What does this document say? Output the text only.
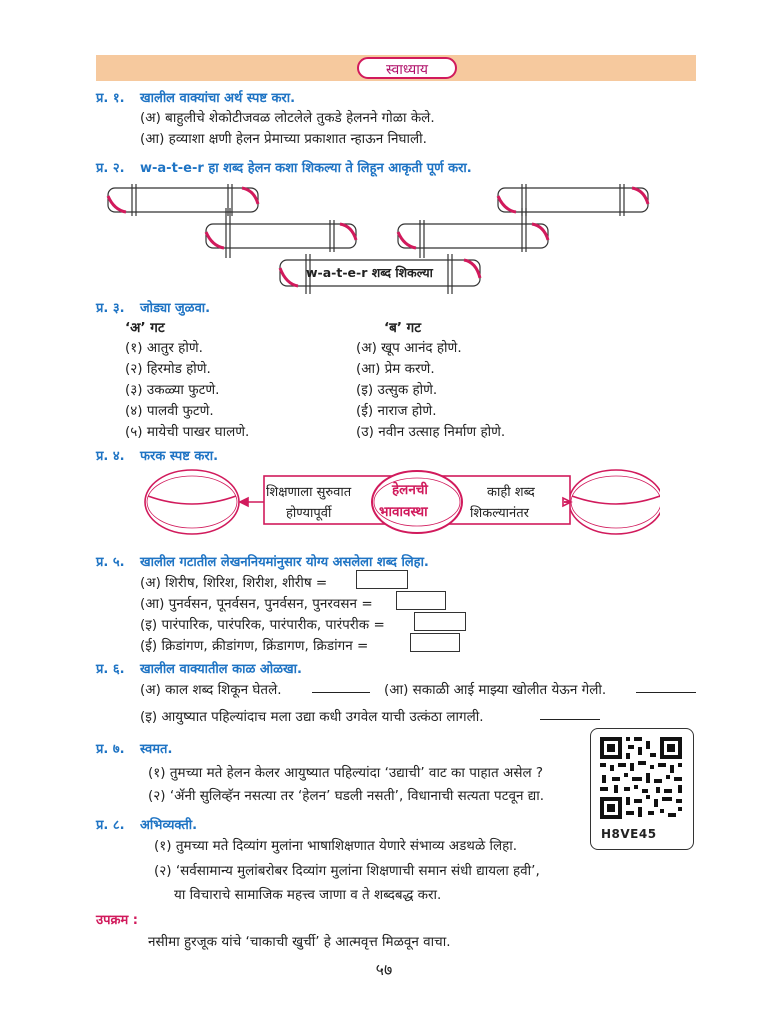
स्वाध्याय
प्र. १. खालील वाक्यांचा अर्थ स्पष्ट करा.
(अ) बाहुलीचे शेकोटीजवळ लोटलेले तुकडे हेलनने गोळा केले.
(आ) हव्याशा क्षणी हेलन प्रेमाच्या प्रकाशात न्हाऊन निघाली.
प्र. २. w-a-t-e-r हा शब्द हेलन कशा शिकल्या ते लिहून आकृती पूर्ण करा.
w-a-t-e-r शब्द शिकल्या
प्र. ३. जोड्या जुळवा.
‘अ’ गट	‘ब’ गट
(१) आतुर होणे.
(२) हिरमोड होणे.
(३) उकळ्या फुटणे.
(४) पालवी फुटणे.
(५) मायेची पाखर घालणे.
(अ) खूप आनंद होणे.
(आ) प्रेम करणे.
(इ) उत्सुक होणे.
(ई) नाराज होणे.
(उ) नवीन उत्साह निर्माण होणे.
प्र. ४. फरक स्पष्ट करा.
शिक्षणाला सुरुवात
होण्यापूर्वी
हेलनची
भावावस्था
काही शब्द
शिकल्यानंतर
प्र. ५. खालील गटातील लेखननियमांनुसार योग्य असलेला शब्द लिहा.
(अ) शिरीष, शिरिश, शिरीश, शीरीष =
(आ) पुनर्वसन, पूनर्वसन, पुनर्वसन, पुनरवसन =
(इ) पारंपारिक, पारंपरिक, पारंपारीक, पारंपरीक =
(ई) क्रिडांगण, क्रीडांगण, क्रिंडागण, क्रिडांगन =
प्र. ६. खालील वाक्यातील काळ ओळखा.
(अ) काल शब्द शिकून घेतले.	(आ) सकाळी आई माझ्या खोलीत येऊन गेली.
(इ) आयुष्यात पहिल्यांदाच मला उद्या कधी उगवेल याची उत्कंठा लागली.
प्र. ७. स्वमत.
(१) तुमच्या मते हेलन केलर आयुष्यात पहिल्यांदा ‘उद्याची’ वाट का पाहात असेल ?
(२) ‘ॲनी सुलिव्हॅन नसत्या तर ‘हेलन’ घडली नसती’, विधानाची सत्यता पटवून द्या.
H8VE45
प्र. ८. अभिव्यक्ती.
(१) तुमच्या मते दिव्यांग मुलांना भाषाशिक्षणात येणारे संभाव्य अडथळे लिहा.
(२) ‘सर्वसामान्य मुलांबरोबर दिव्यांग मुलांना शिक्षणाची समान संधी द्यायला हवी’,
या विचाराचे सामाजिक महत्त्व जाणा व ते शब्दबद्ध करा.
उपक्रम :
नसीमा हुरजूक यांचे ‘चाकाची खुर्ची’ हे आत्मवृत्त मिळवून वाचा.
५७
